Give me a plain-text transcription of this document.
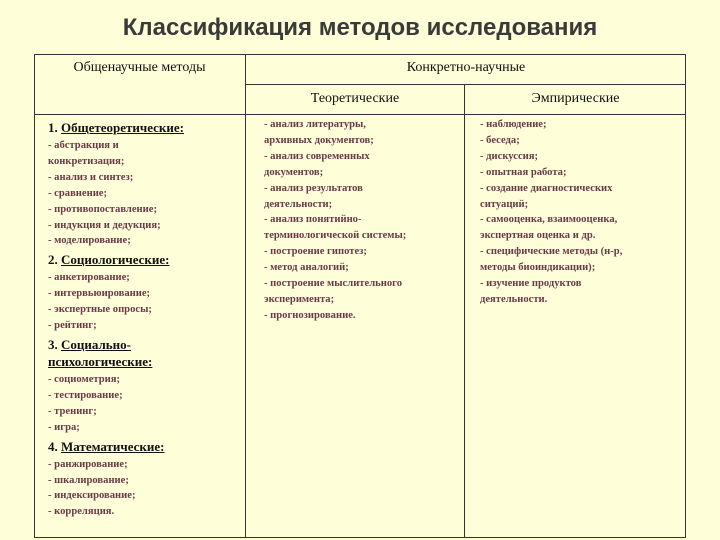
Классификация методов исследования
Общенаучные методы	Конкретно-научные
Теоретические	Эмпирические
1. Общетеоретические:
- абстракция и
конкретизация;
- анализ и синтез;
- сравнение;
- противопоставление;
- индукция и дедукция;
- моделирование;
2. Социологические:
- анкетирование;
- интервьюирование;
- экспертные опросы;
- рейтинг;
3. Социально-
психологические:
- социометрия;
- тестирование;
- тренинг;
- игра;
4. Математические:
- ранжирование;
- шкалирование;
- индексирование;
- корреляция.
- анализ литературы,
архивных документов;
- анализ современных
документов;
- анализ результатов
деятельности;
- анализ понятийно-
терминологической системы;
- построение гипотез;
- метод аналогий;
- построение мыслительного
эксперимента;
- прогнозирование.
- наблюдение;
- беседа;
- дискуссия;
- опытная работа;
- создание диагностических
ситуаций;
- самооценка, взаимооценка,
экспертная оценка и др.
- специфические методы (н-р,
методы биоиндикации);
- изучение продуктов
деятельности.
